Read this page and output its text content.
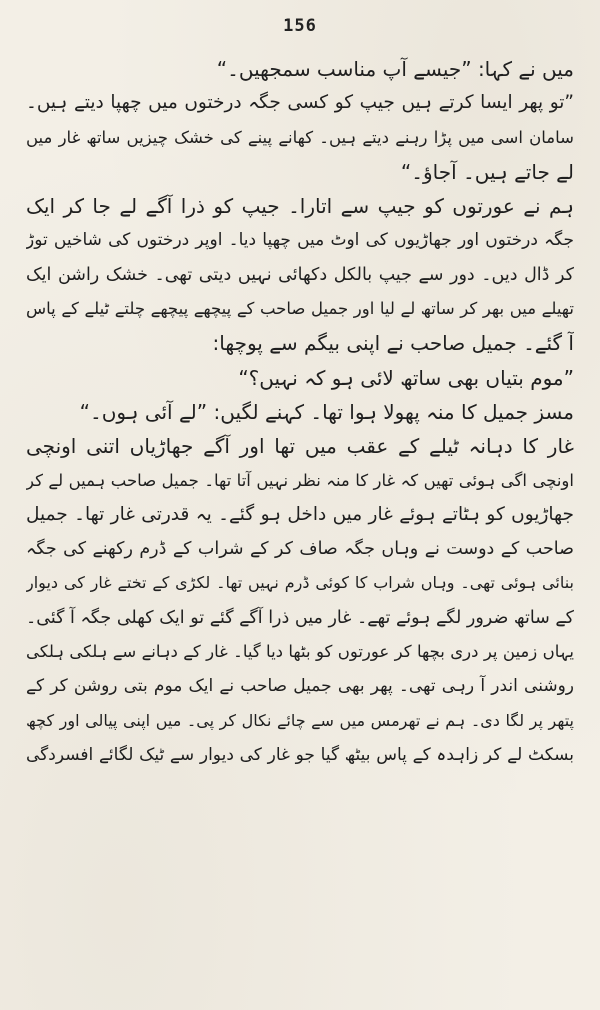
156
میں نے کہا: ”جیسے آپ مناسب سمجھیں۔“
”تو پھر ایسا کرتے ہیں جیپ کو کسی جگہ درختوں میں چھپا دیتے ہیں۔
سامان اسی میں پڑا رہنے دیتے ہیں۔ کھانے پینے کی خشک چیزیں ساتھ غار میں
لے جاتے ہیں۔ آجاؤ۔“
ہم نے عورتوں کو جیپ سے اتارا۔ جیپ کو ذرا آگے لے جا کر ایک
جگہ درختوں اور جھاڑیوں کی اوٹ میں چھپا دیا۔ اوپر درختوں کی شاخیں توڑ
کر ڈال دیں۔ دور سے جیپ بالکل دکھائی نہیں دیتی تھی۔ خشک راشن ایک
تھیلے میں بھر کر ساتھ لے لیا اور جمیل صاحب کے پیچھے پیچھے چلتے ٹیلے کے پاس
آ گئے۔ جمیل صاحب نے اپنی بیگم سے پوچھا:
”موم بتیاں بھی ساتھ لائی ہو کہ نہیں؟“
مسز جمیل کا منہ پھولا ہوا تھا۔ کہنے لگیں: ”لے آئی ہوں۔“
غار کا دہانہ ٹیلے کے عقب میں تھا اور آگے جھاڑیاں اتنی اونچی
اونچی اگی ہوئی تھیں کہ غار کا منہ نظر نہیں آتا تھا۔ جمیل صاحب ہمیں لے کر
جھاڑیوں کو ہٹاتے ہوئے غار میں داخل ہو گئے۔ یہ قدرتی غار تھا۔ جمیل
صاحب کے دوست نے وہاں جگہ صاف کر کے شراب کے ڈرم رکھنے کی جگہ
بنائی ہوئی تھی۔ وہاں شراب کا کوئی ڈرم نہیں تھا۔ لکڑی کے تختے غار کی دیوار
کے ساتھ ضرور لگے ہوئے تھے۔ غار میں ذرا آگے گئے تو ایک کھلی جگہ آ گئی۔
یہاں زمین پر دری بچھا کر عورتوں کو بٹھا دیا گیا۔ غار کے دہانے سے ہلکی ہلکی
روشنی اندر آ رہی تھی۔ پھر بھی جمیل صاحب نے ایک موم بتی روشن کر کے
پتھر پر لگا دی۔ ہم نے تھرمس میں سے چائے نکال کر پی۔ میں اپنی پیالی اور کچھ
بسکٹ لے کر زاہدہ کے پاس بیٹھ گیا جو غار کی دیوار سے ٹیک لگائے افسردگی
